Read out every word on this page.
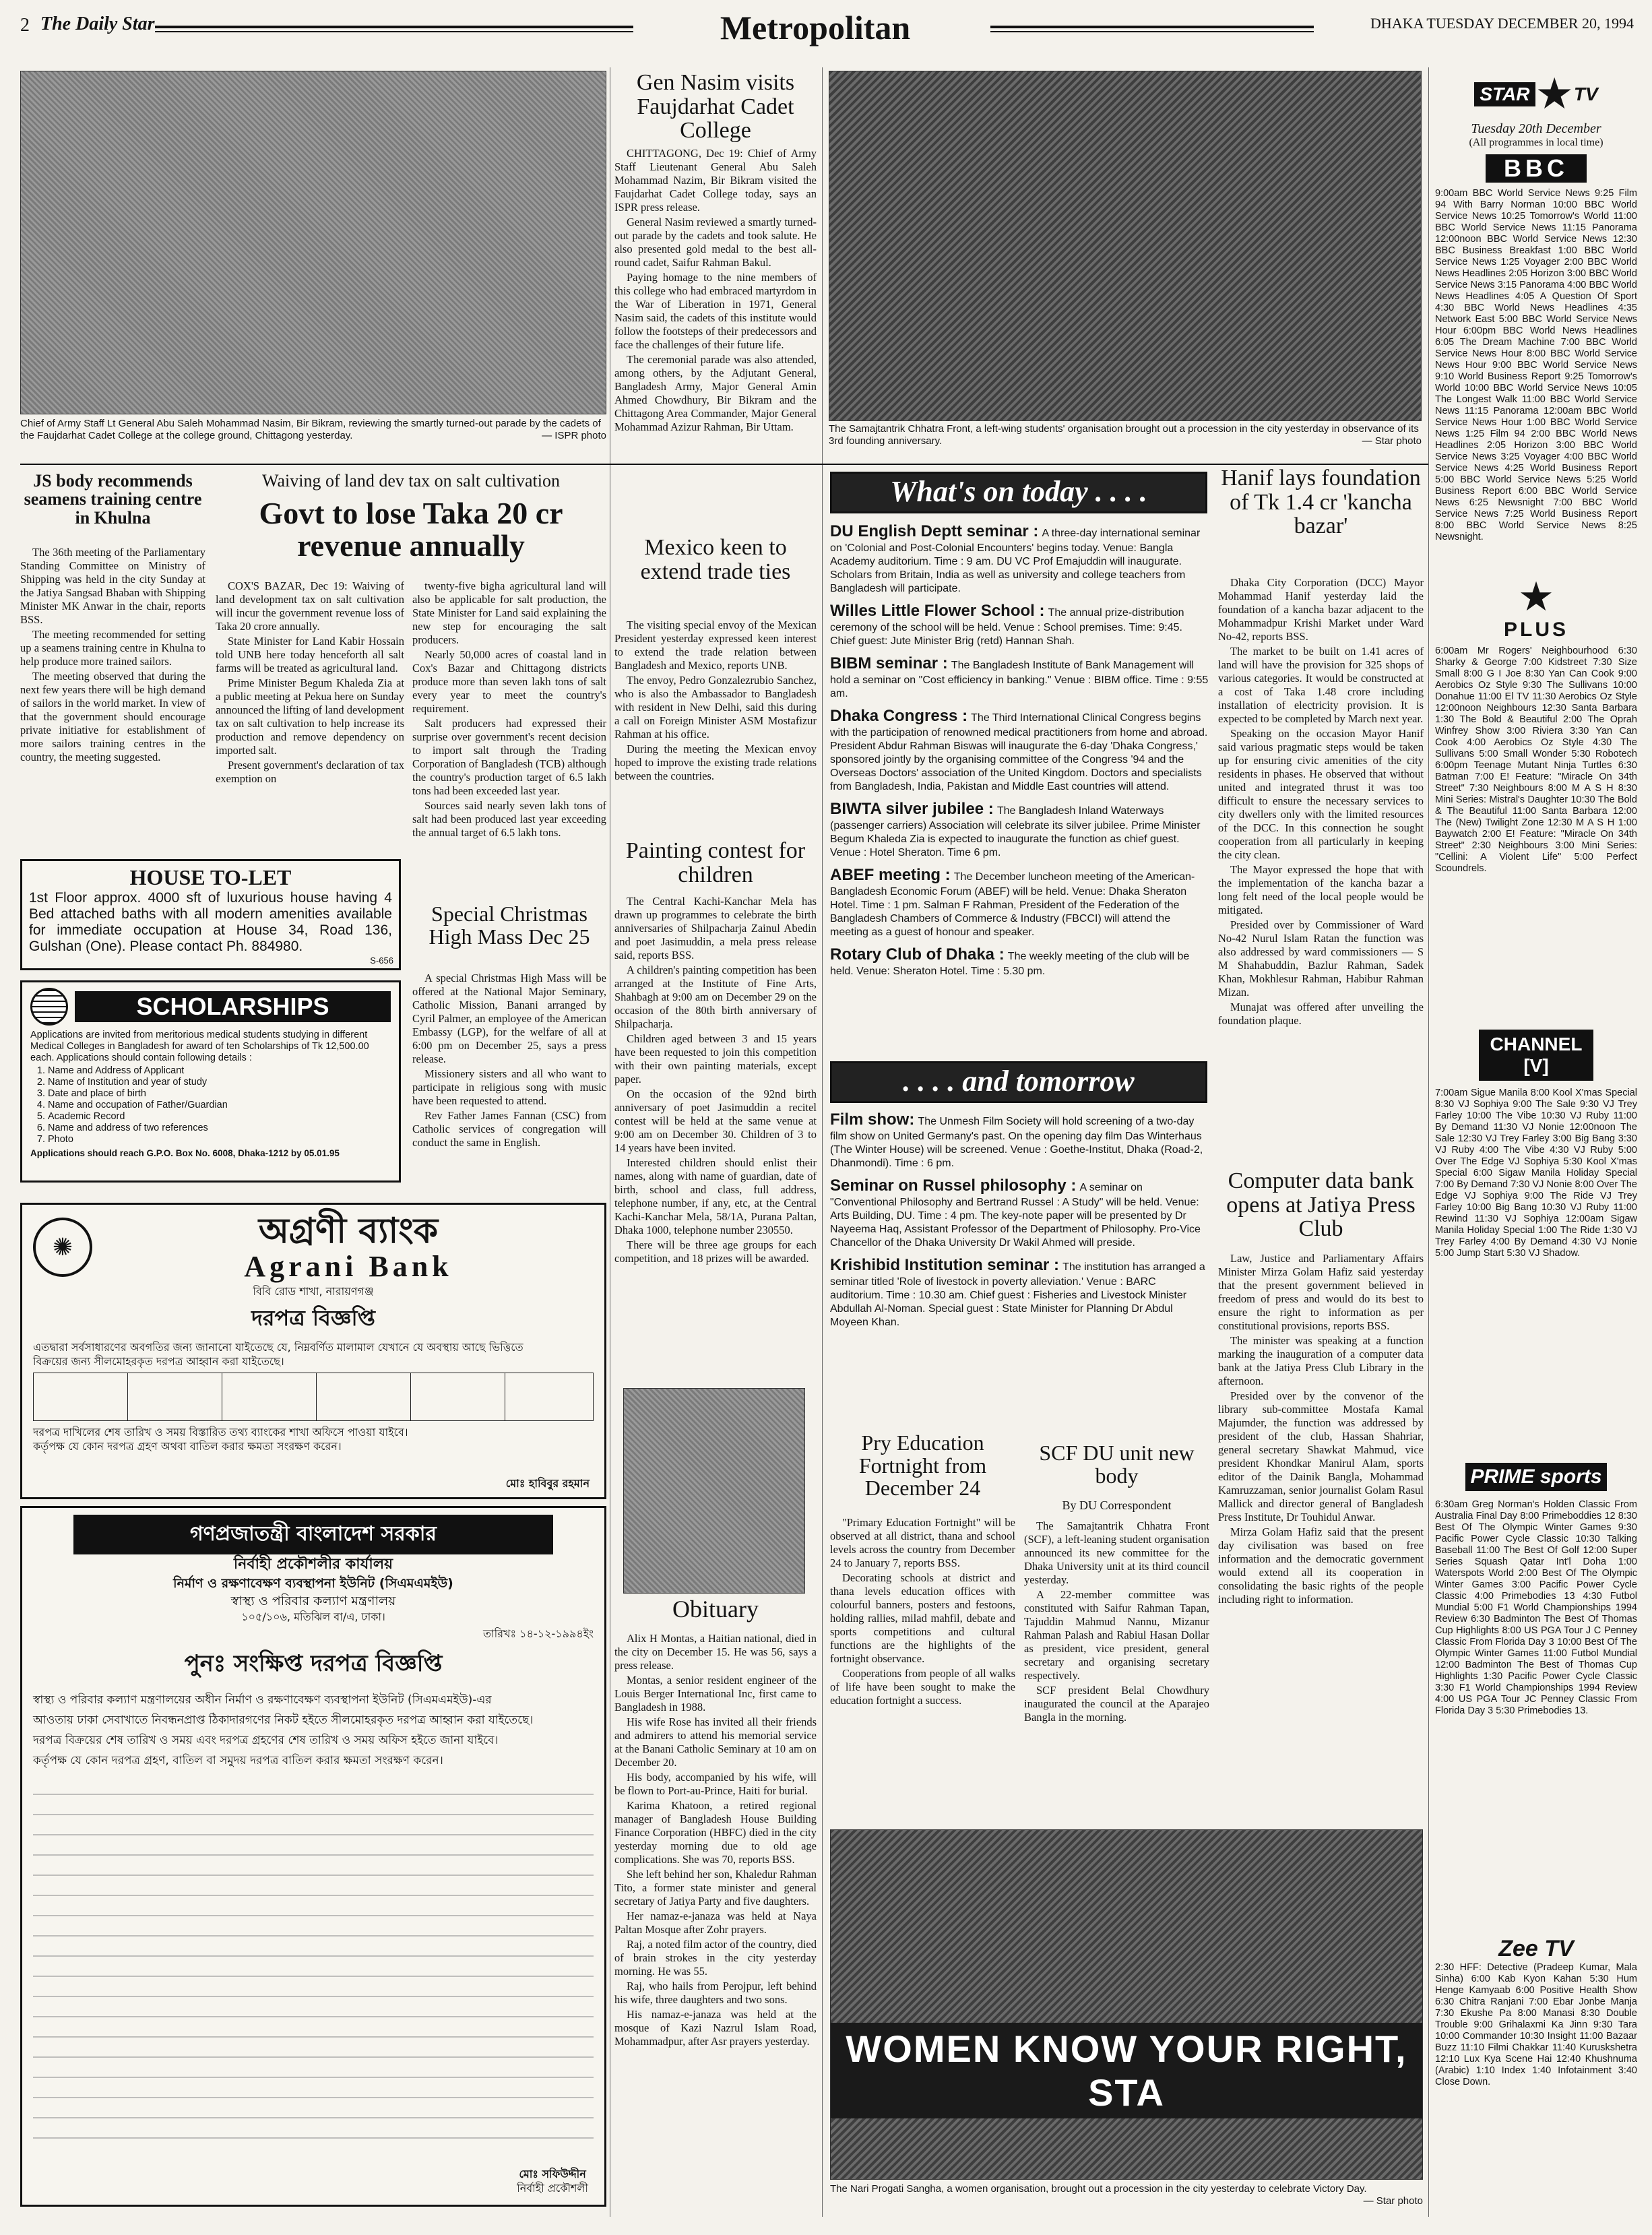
2 The Daily Star	Metropolitan	DHAKA TUESDAY DECEMBER 20, 1994
Chief of Army Staff Lt General Abu Saleh Mohammad Nasim, Bir Bikram, reviewing the smartly turned-out parade by the cadets of the Faujdarhat Cadet College at the college ground, Chittagong yesterday.	— ISPR photo
Gen Nasim visits Faujdarhat Cadet College

CHITTAGONG, Dec 19: Chief of Army Staff Lieutenant General Abu Saleh Mohammad Nazim, Bir Bikram visited the Faujdarhat Cadet College today, says an ISPR press release.

General Nasim reviewed a smartly turned-out parade by the cadets and took salute. He also presented gold medal to the best all-round cadet, Saifur Rahman Bakul.

Paying homage to the nine members of this college who had embraced martyrdom in the War of Liberation in 1971, General Nasim said, the cadets of this institute would follow the footsteps of their predecessors and face the challenges of their future life.

The ceremonial parade was also attended, among others, by the Adjutant General, Bangladesh Army, Major General Amin Ahmed Chowdhury, Bir Bikram and the Chittagong Area Commander, Major General Mohammad Azizur Rahman, Bir Uttam.	The Samajtantrik Chhatra Front, a left-wing students' organisation brought out a procession in the city yesterday in observance of its 3rd founding anniversary.	— Star photo
JS body recommends seamens training centre in Khulna

The 36th meeting of the Parliamentary Standing Committee on Ministry of Shipping was held in the city Sunday at the Jatiya Sangsad Bhaban with Shipping Minister MK Anwar in the chair, reports BSS.

The meeting recommended for setting up a seamens training centre in Khulna to help produce more trained sailors.

The meeting observed that during the next few years there will be high demand of sailors in the world market. In view of that the government should encourage private initiative for establishment of more sailors training centres in the country, the meeting suggested.

Waiving of land dev tax on salt cultivation
Govt to lose Taka 20 cr revenue annually

COX'S BAZAR, Dec 19: Waiving of land development tax on salt cultivation will incur the government revenue loss of Taka 20 crore annually.

State Minister for Land Kabir Hossain told UNB here today henceforth all salt farms will be treated as agricultural land.

Prime Minister Begum Khaleda Zia at a public meeting at Pekua here on Sunday announced the lifting of land development tax on salt cultivation to help increase its production and remove dependency on imported salt.

Present government's declaration of tax exemption on

twenty-five bigha agricultural land will also be applicable for salt production, the State Minister for Land said explaining the new step for encouraging the salt producers.

Nearly 50,000 acres of coastal land in Cox's Bazar and Chittagong districts produce more than seven lakh tons of salt every year to meet the country's requirement.

Salt producers had expressed their surprise over government's recent decision to import salt through the Trading Corporation of Bangladesh (TCB) although the country's production target of 6.5 lakh tons had been exceeded last year.

Sources said nearly seven lakh tons of salt had been produced last year exceeding the annual target of 6.5 lakh tons.

Mexico keen to extend trade ties

The visiting special envoy of the Mexican President yesterday expressed keen interest to extend the trade relation between Bangladesh and Mexico, reports UNB.

The envoy, Pedro Gonzalezrubio Sanchez, who is also the Ambassador to Bangladesh with resident in New Delhi, said this during a call on Foreign Minister ASM Mostafizur Rahman at his office.

During the meeting the Mexican envoy hoped to improve the existing trade relations between the countries.

Painting contest for children

The Central Kachi-Kanchar Mela has drawn up programmes to celebrate the birth anniversaries of Shilpacharja Zainul Abedin and poet Jasimuddin, a mela press release said, reports BSS.

A children's painting competition has been arranged at the Institute of Fine Arts, Shahbagh at 9:00 am on December 29 on the occasion of the 80th birth anniversary of Shilpacharja.

Children aged between 3 and 15 years have been requested to join this competition with their own painting materials, except paper.

On the occasion of the 92nd birth anniversary of poet Jasimuddin a recitel contest will be held at the same venue at 9:00 am on December 30. Children of 3 to 14 years have been invited.

Interested children should enlist their names, along with name of guardian, date of birth, school and class, full address, telephone number, if any, etc, at the Central Kachi-Kanchar Mela, 58/1A, Purana Paltan, Dhaka 1000, telephone number 230550.

There will be three age groups for each competition, and 18 prizes will be awarded.

HOUSE TO-LET
1st Floor approx. 4000 sft of luxurious house having 4 Bed attached baths with all modern amenities available for immediate occupation at House 34, Road 136, Gulshan (One). Please contact Ph. 884980.
S-656
Special Christmas High Mass Dec 25

A special Christmas High Mass will be offered at the National Major Seminary, Catholic Mission, Banani arranged by Cyril Palmer, an employee of the American Embassy (LGP), for the welfare of all at 6:00 pm on December 25, says a press release.

Missionery sisters and all who want to participate in religious song with music have been requested to attend.

Rev Father James Fannan (CSC) from Catholic services of congregation will conduct the same in English.

SCHOLARSHIPS
Applications are invited from meritorious medical students studying in different Medical Colleges in Bangladesh for award of ten Scholarships of Tk 12,500.00 each. Applications should contain following details :
1. Name and Address of Applicant
2. Name of Institution and year of study
3. Date and place of birth
4. Name and occupation of Father/Guardian
5. Academic Record
6. Name and address of two references
7. Photo
Applications should reach G.P.O. Box No. 6008, Dhaka-1212 by 05.01.95
✺	অগ্রণী ব্যাংক
Agrani Bank
বিবি রোড শাখা, নারায়ণগঞ্জ
দরপত্র বিজ্ঞপ্তি
এতদ্বারা সর্বসাধারণের অবগতির জন্য জানানো যাইতেছে যে, নিম্নবর্ণিত মালামাল যেখানে যে অবস্থায় আছে ভিত্তিতে
বিক্রয়ের জন্য সীলমোহরকৃত দরপত্র আহ্বান করা যাইতেছে।
দরপত্র দাখিলের শেষ তারিখ ও সময় বিস্তারিত তথ্য ব্যাংকের শাখা অফিসে পাওয়া যাইবে।
কর্তৃপক্ষ যে কোন দরপত্র গ্রহণ অথবা বাতিল করার ক্ষমতা সংরক্ষণ করেন।
মোঃ হাবিবুর রহমান
গণপ্রজাতন্ত্রী বাংলাদেশ সরকার
নির্বাহী প্রকৌশলীর কার্যালয়
নির্মাণ ও রক্ষণাবেক্ষণ ব্যবস্থাপনা ইউনিট (সিএমএমইউ)
স্বাস্থ্য ও পরিবার কল্যাণ মন্ত্রণালয়
১০৫/১০৬, মতিঝিল বা/এ, ঢাকা।
তারিখঃ ১৪-১২-১৯৯৪ইং
পুনঃ সংক্ষিপ্ত দরপত্র বিজ্ঞপ্তি
স্বাস্থ্য ও পরিবার কল্যাণ মন্ত্রণালয়ের অধীন নির্মাণ ও রক্ষণাবেক্ষণ ব্যবস্থাপনা ইউনিট (সিএমএমইউ)-এর
আওতায় ঢাকা সেবাখাতে নিবন্ধনপ্রাপ্ত ঠিকাদারগণের নিকট হইতে সীলমোহরকৃত দরপত্র আহ্বান করা যাইতেছে।
দরপত্র বিক্রয়ের শেষ তারিখ ও সময় এবং দরপত্র গ্রহণের শেষ তারিখ ও সময় অফিস হইতে জানা যাইবে।
কর্তৃপক্ষ যে কোন দরপত্র গ্রহণ, বাতিল বা সমুদয় দরপত্র বাতিল করার ক্ষমতা সংরক্ষণ করেন।
মোঃ সফিউদ্দীন
নির্বাহী প্রকৌশলী
Obituary

Alix H Montas, a Haitian national, died in the city on December 15. He was 56, says a press release.

Montas, a senior resident engineer of the Louis Berger International Inc, first came to Bangladesh in 1988.

His wife Rose has invited all their friends and admirers to attend his memorial service at the Banani Catholic Seminary at 10 am on December 20.

His body, accompanied by his wife, will be flown to Port-au-Prince, Haiti for burial.

Karima Khatoon, a retired regional manager of Bangladesh House Building Finance Corporation (HBFC) died in the city yesterday morning due to old age complications. She was 70, reports BSS.

She left behind her son, Khaledur Rahman Tito, a former state minister and general secretary of Jatiya Party and five daughters.

Her namaz-e-janaza was held at Naya Paltan Mosque after Zohr prayers.

Raj, a noted film actor of the country, died of brain strokes in the city yesterday morning. He was 55.

Raj, who hails from Perojpur, left behind his wife, three daughters and two sons.

His namaz-e-janaza was held at the mosque of Kazi Nazrul Islam Road, Mohammadpur, after Asr prayers yesterday.

What's on today . . . .
DU English Deptt seminar : A three-day international seminar on 'Colonial and Post-Colonial Encounters' begins today. Venue: Bangla Academy auditorium. Time : 9 am. DU VC Prof Emajuddin will inaugurate. Scholars from Britain, India as well as university and college teachers from Bangladesh will participate.
Willes Little Flower School : The annual prize-distribution ceremony of the school will be held. Venue : School premises. Time: 9:45. Chief guest: Jute Minister Brig (retd) Hannan Shah.
BIBM seminar : The Bangladesh Institute of Bank Management will hold a seminar on "Cost efficiency in banking." Venue : BIBM office. Time : 9:55 am.
Dhaka Congress : The Third International Clinical Congress begins with the participation of renowned medical practitioners from home and abroad. President Abdur Rahman Biswas will inaugurate the 6-day 'Dhaka Congress,' sponsored jointly by the organising committee of the Congress '94 and the Overseas Doctors' association of the United Kingdom. Doctors and specialists from Bangladesh, India, Pakistan and Middle East countries will attend.
BIWTA silver jubilee : The Bangladesh Inland Waterways (passenger carriers) Association will celebrate its silver jubilee. Prime Minister Begum Khaleda Zia is expected to inaugurate the function as chief guest. Venue : Hotel Sheraton. Time 6 pm.
ABEF meeting : The December luncheon meeting of the American-Bangladesh Economic Forum (ABEF) will be held. Venue: Dhaka Sheraton Hotel. Time : 1 pm. Salman F Rahman, President of the Federation of the Bangladesh Chambers of Commerce & Industry (FBCCI) will attend the meeting as a guest of honour and speaker.
Rotary Club of Dhaka : The weekly meeting of the club will be held. Venue: Sheraton Hotel. Time : 5.30 pm.
. . . . and tomorrow
Film show: The Unmesh Film Society will hold screening of a two-day film show on United Germany's past. On the opening day film Das Winterhaus (The Winter House) will be screened. Venue : Goethe-Institut, Dhaka (Road-2, Dhanmondi). Time : 6 pm.
Seminar on Russel philosophy : A seminar on "Conventional Philosophy and Bertrand Russel : A Study" will be held. Venue: Arts Building, DU. Time : 4 pm. The key-note paper will be presented by Dr Nayeema Haq, Assistant Professor of the Department of Philosophy. Pro-Vice Chancellor of the Dhaka University Dr Wakil Ahmed will preside.
Krishibid Institution seminar : The institution has arranged a seminar titled 'Role of livestock in poverty alleviation.' Venue : BARC auditorium. Time : 10.30 am. Chief guest : Fisheries and Livestock Minister Abdullah Al-Noman. Special guest : State Minister for Planning Dr Abdul Moyeen Khan.
Hanif lays foundation of Tk 1.4 cr 'kancha bazar'

Dhaka City Corporation (DCC) Mayor Mohammad Hanif yesterday laid the foundation of a kancha bazar adjacent to the Mohammadpur Krishi Market under Ward No-42, reports BSS.

The market to be built on 1.41 acres of land will have the provision for 325 shops of various categories. It would be constructed at a cost of Taka 1.48 crore including installation of electricity provision. It is expected to be completed by March next year.

Speaking on the occasion Mayor Hanif said various pragmatic steps would be taken up for ensuring civic amenities of the city residents in phases. He observed that without united and integrated thrust it was too difficult to ensure the necessary services to city dwellers only with the limited resources of the DCC. In this connection he sought cooperation from all particularly in keeping the city clean.

The Mayor expressed the hope that with the implementation of the kancha bazar a long felt need of the local people would be mitigated.

Presided over by Commissioner of Ward No-42 Nurul Islam Ratan the function was also addressed by ward commissioners — S M Shahabuddin, Bazlur Rahman, Sadek Khan, Mokhlesur Rahman, Habibur Rahman Mizan.

Munajat was offered after unveiling the foundation plaque.

Computer data bank opens at Jatiya Press Club

Law, Justice and Parliamentary Affairs Minister Mirza Golam Hafiz said yesterday that the present government believed in freedom of press and would do its best to ensure the right to information as per constitutional provisions, reports BSS.

The minister was speaking at a function marking the inauguration of a computer data bank at the Jatiya Press Club Library in the afternoon.

Presided over by the convenor of the library sub-committee Mostafa Kamal Majumder, the function was addressed by president of the club, Hassan Shahriar, general secretary Shawkat Mahmud, vice president Khondkar Manirul Alam, sports editor of the Dainik Bangla, Mohammad Kamruzzaman, senior journalist Golam Rasul Mallick and director general of Bangladesh Press Institute, Dr Touhidul Anwar.

Mirza Golam Hafiz said that the present day civilisation was based on free information and the democratic government would extend all its cooperation in consolidating the basic rights of the people including right to information.

Pry Education Fortnight from December 24

"Primary Education Fortnight" will be observed at all district, thana and school levels across the country from December 24 to January 7, reports BSS.

Decorating schools at district and thana levels education offices with colourful banners, posters and festoons, holding rallies, milad mahfil, debate and sports competitions and cultural functions are the highlights of the fortnight observance.

Cooperations from people of all walks of life have been sought to make the education fortnight a success.

SCF DU unit new body
By DU Correspondent

The Samajtantrik Chhatra Front (SCF), a left-leaning student organisation announced its new committee for the Dhaka University unit at its third council yesterday.

A 22-member committee was constituted with Saifur Rahman Tapan, Tajuddin Mahmud Nannu, Mizanur Rahman Palash and Rabiul Hasan Dollar as president, vice president, general secretary and organising secretary respectively.

SCF president Belal Chowdhury inaugurated the council at the Aparajeo Bangla in the morning.

WOMEN KNOW YOUR RIGHT, STA
The Nari Progati Sangha, a women organisation, brought out a procession in the city yesterday to celebrate Victory Day.
— Star photo
STAR ★ TV
Tuesday 20th December
(All programmes in local time)
BBC
9:00am BBC World Service News 9:25 Film 94 With Barry Norman 10:00 BBC World Service News 10:25 Tomorrow's World 11:00 BBC World Service News 11:15 Panorama 12:00noon BBC World Service News 12:30 BBC Business Breakfast 1:00 BBC World Service News 1:25 Voyager 2:00 BBC World News Headlines 2:05 Horizon 3:00 BBC World Service News 3:15 Panorama 4:00 BBC World News Headlines 4:05 A Question Of Sport 4:30 BBC World News Headlines 4:35 Network East 5:00 BBC World Service News Hour 6:00pm BBC World News Headlines 6:05 The Dream Machine 7:00 BBC World Service News Hour 8:00 BBC World Service News Hour 9:00 BBC World Service News 9:10 World Business Report 9:25 Tomorrow's World 10:00 BBC World Service News 10:05 The Longest Walk 11:00 BBC World Service News 11:15 Panorama 12:00am BBC World Service News Hour 1:00 BBC World Service News 1:25 Film 94 2:00 BBC World News Headlines 2:05 Horizon 3:00 BBC World Service News 3:25 Voyager 4:00 BBC World Service News 4:25 World Business Report 5:00 BBC World Service News 5:25 World Business Report 6:00 BBC World Service News 6:25 Newsnight 7:00 BBC World Service News 7:25 World Business Report 8:00 BBC World Service News 8:25 Newsnight.
★
PLUS
6:00am Mr Rogers' Neighbourhood 6:30 Sharky & George 7:00 Kidstreet 7:30 Size Small 8:00 G I Joe 8:30 Yan Can Cook 9:00 Aerobics Oz Style 9:30 The Sullivans 10:00 Donahue 11:00 El TV 11:30 Aerobics Oz Style 12:00noon Neighbours 12:30 Santa Barbara 1:30 The Bold & Beautiful 2:00 The Oprah Winfrey Show 3:00 Riviera 3:30 Yan Can Cook 4:00 Aerobics Oz Style 4:30 The Sullivans 5:00 Small Wonder 5:30 Robotech 6:00pm Teenage Mutant Ninja Turtles 6:30 Batman 7:00 E! Feature: "Miracle On 34th Street" 7:30 Neighbours 8:00 M A S H 8:30 Mini Series: Mistral's Daughter 10:30 The Bold & The Beautiful 11:00 Santa Barbara 12:00 The (New) Twilight Zone 12:30 M A S H 1:00 Baywatch 2:00 E! Feature: "Miracle On 34th Street" 2:30 Neighbours 3:00 Mini Series: "Cellini: A Violent Life" 5:00 Perfect Scoundrels.
CHANNEL [V]
7:00am Sigue Manila 8:00 Kool X'mas Special 8:30 VJ Sophiya 9:00 The Sale 9:30 VJ Trey Farley 10:00 The Vibe 10:30 VJ Ruby 11:00 By Demand 11:30 VJ Nonie 12:00noon The Sale 12:30 VJ Trey Farley 3:00 Big Bang 3:30 VJ Ruby 4:00 The Vibe 4:30 VJ Ruby 5:00 Over The Edge VJ Sophiya 5:30 Kool X'mas Special 6:00 Sigaw Manila Holiday Special 7:00 By Demand 7:30 VJ Nonie 8:00 Over The Edge VJ Sophiya 9:00 The Ride VJ Trey Farley 10:00 Big Bang 10:30 VJ Ruby 11:00 Rewind 11:30 VJ Sophiya 12:00am Sigaw Manila Holiday Special 1:00 The Ride 1:30 VJ Trey Farley 4:00 By Demand 4:30 VJ Nonie 5:00 Jump Start 5:30 VJ Shadow.
PRIME sports
6:30am Greg Norman's Holden Classic From Australia Final Day 8:00 Primeboddies 12 8:30 Best Of The Olympic Winter Games 9:30 Pacific Power Cycle Classic 10:30 Talking Baseball 11:00 The Best Of Golf 12:00 Super Series Squash Qatar Int'l Doha 1:00 Waterspots World 2:00 Best Of The Olympic Winter Games 3:00 Pacific Power Cycle Classic 4:00 Primebodies 13 4:30 Futbol Mundial 5:00 F1 World Championships 1994 Review 6:30 Badminton The Best Of Thomas Cup Highlights 8:00 US PGA Tour J C Penney Classic From Florida Day 3 10:00 Best Of The Olympic Winter Games 11:00 Futbol Mundial 12:00 Badminton The Best of Thomas Cup Highlights 1:30 Pacific Power Cycle Classic 3:30 F1 World Championships 1994 Review 4:00 US PGA Tour JC Penney Classic From Florida Day 3 5:30 Primebodies 13.
Zee TV
2:30 HFF: Detective (Pradeep Kumar, Mala Sinha) 6:00 Kab Kyon Kahan 5:30 Hum Henge Kamyaab 6:00 Positive Health Show 6:30 Chitra Ranjani 7:00 Ebar Jonbe Manja 7:30 Ekushe Pa 8:00 Manasi 8:30 Double Trouble 9:00 Grihalaxmi Ka Jinn 9:30 Tara 10:00 Commander 10:30 Insight 11:00 Bazaar Buzz 11:10 Filmi Chakkar 11:40 Kuruskshetra 12:10 Lux Kya Scene Hai 12:40 Khushnuma (Arabic) 1:10 Index 1:40 Infotainment 3:40 Close Down.
